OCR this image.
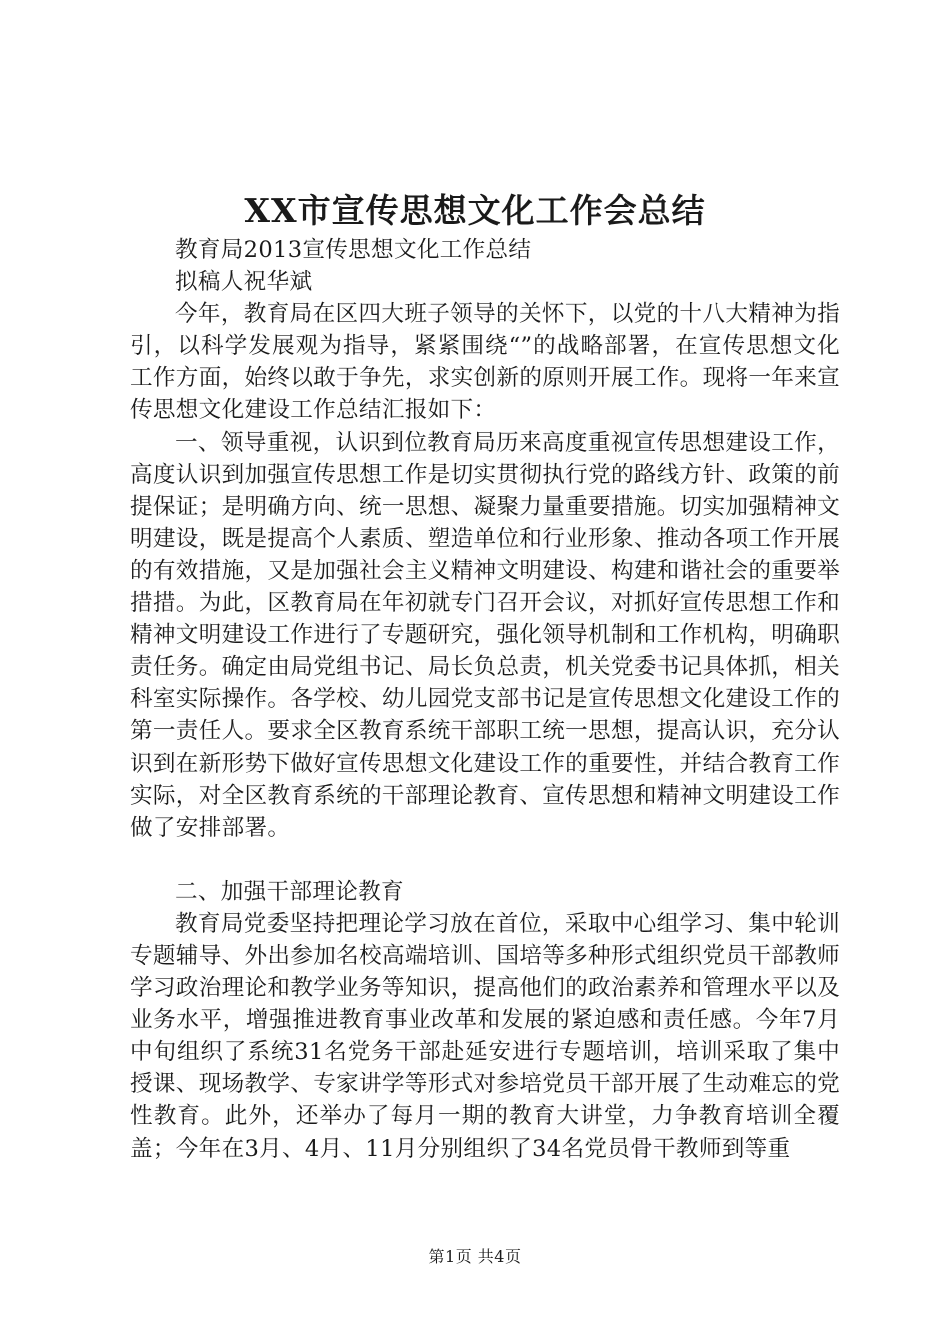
XX市宣传思想文化工作会总结

教育局2013宣传思想文化工作总结

拟稿人祝华斌

今年，教育局在区四大班子领导的关怀下，以党的十八大精神为指引，以科学发展观为指导，紧紧围绕“”的战略部署，在宣传思想文化工作方面，始终以敢于争先，求实创新的原则开展工作。现将一年来宣传思想文化建设工作总结汇报如下：

一、领导重视，认识到位教育局历来高度重视宣传思想建设工作，高度认识到加强宣传思想工作是切实贯彻执行党的路线方针、政策的前提保证；是明确方向、统一思想、凝聚力量重要措施。切实加强精神文明建设，既是提高个人素质、塑造单位和行业形象、推动各项工作开展的有效措施，又是加强社会主义精神文明建设、构建和谐社会的重要举措措。为此，区教育局在年初就专门召开会议，对抓好宣传思想工作和精神文明建设工作进行了专题研究，强化领导机制和工作机构，明确职责任务。确定由局党组书记、局长负总责，机关党委书记具体抓，相关科室实际操作。各学校、幼儿园党支部书记是宣传思想文化建设工作的第一责任人。要求全区教育系统干部职工统一思想，提高认识，充分认识到在新形势下做好宣传思想文化建设工作的重要性，并结合教育工作实际，对全区教育系统的干部理论教育、宣传思想和精神文明建设工作做了安排部署。

二、加强干部理论教育

教育局党委坚持把理论学习放在首位，采取中心组学习、集中轮训专题辅导、外出参加名校高端培训、国培等多种形式组织党员干部教师学习政治理论和教学业务等知识，提高他们的政治素养和管理水平以及业务水平，增强推进教育事业改革和发展的紧迫感和责任感。今年7月中旬组织了系统31名党务干部赴延安进行专题培训，培训采取了集中授课、现场教学、专家讲学等形式对参培党员干部开展了生动难忘的党性教育。此外，还举办了每月一期的教育大讲堂，力争教育培训全覆盖；今年在3月、4月、11月分别组织了34名党员骨干教师到等重

第1页 共4页
